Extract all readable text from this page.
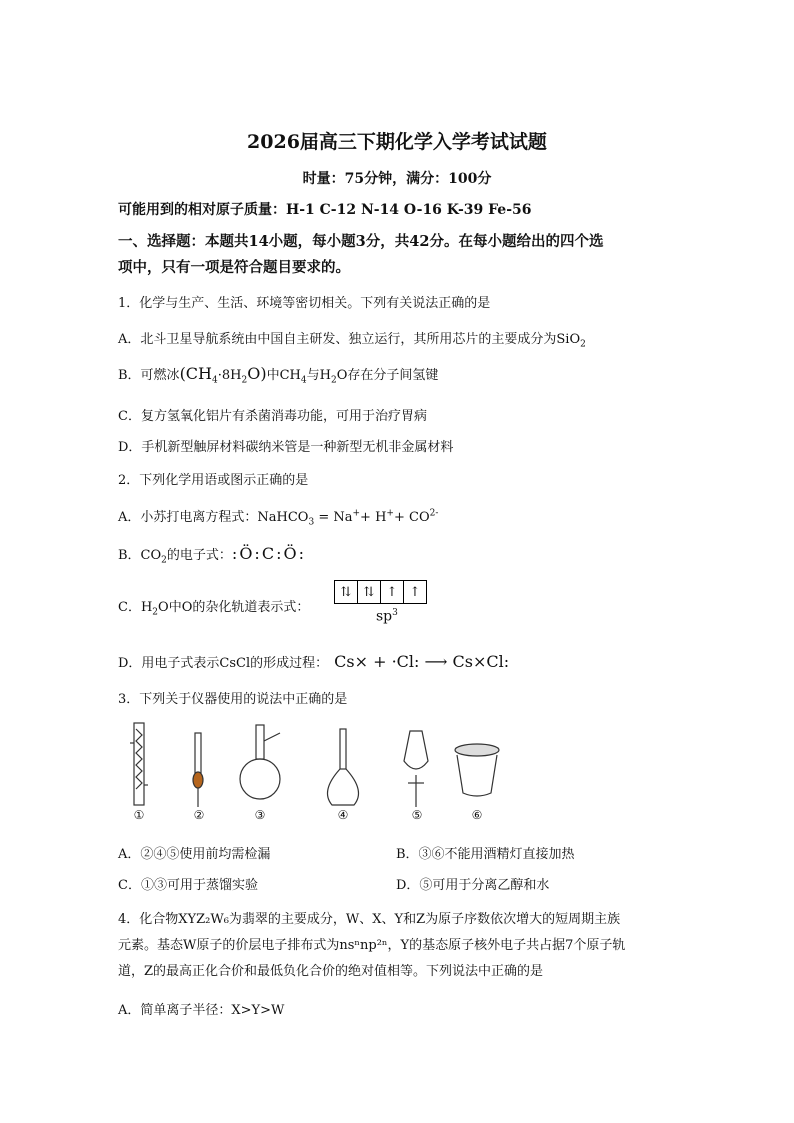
2026届高三下期化学入学考试试题
时量：75分钟，满分：100分
可能用到的相对原子质量：H-1 C-12 N-14 O-16 K-39 Fe-56
一、选择题：本题共14小题，每小题3分，共42分。在每小题给出的四个选
项中，只有一项是符合题目要求的。
1．化学与生产、生活、环境等密切相关。下列有关说法正确的是
A．北斗卫星导航系统由中国自主研发、独立运行，其所用芯片的主要成分为SiO$_2$
B．可燃冰$(CH_4\cdot 8H_2O)$中$CH_4$与$H_2O$存在分子间氢键
C．复方氢氧化铝片有杀菌消毒功能，可用于治疗胃病
D．手机新型触屏材料碳纳米管是一种新型无机非金属材料
2．下列化学用语或图示正确的是
A．小苏打电离方程式：NaHCO$_3$ = $Na^++ H^++ CO^{2-}$
B．$CO_2$的电子式：:Ö:C:Ö:
C．$H_2O$中O的杂化轨道表示式：
⇅ ⇅ ↑ ↑
$sp^3$
D．用电子式表示CsCl的形成过程： Cs× + ·Cl: ⟶ Cs×Cl:
3．下列关于仪器使用的说法中正确的是
①	②	③	④	⑤	⑥
A．②④⑤使用前均需检漏	B．③⑥不能用酒精灯直接加热
C．①③可用于蒸馏实验	D．⑤可用于分离乙醇和水
4．化合物XYZ₂W₆为翡翠的主要成分，W、X、Y和Z为原子序数依次增大的短周期主族
元素。基态W原子的价层电子排布式为nsⁿnp²ⁿ，Y的基态原子核外电子共占据7个原子轨
道，Z的最高正化合价和最低负化合价的绝对值相等。下列说法中正确的是
A．简单离子半径：X>Y>W
